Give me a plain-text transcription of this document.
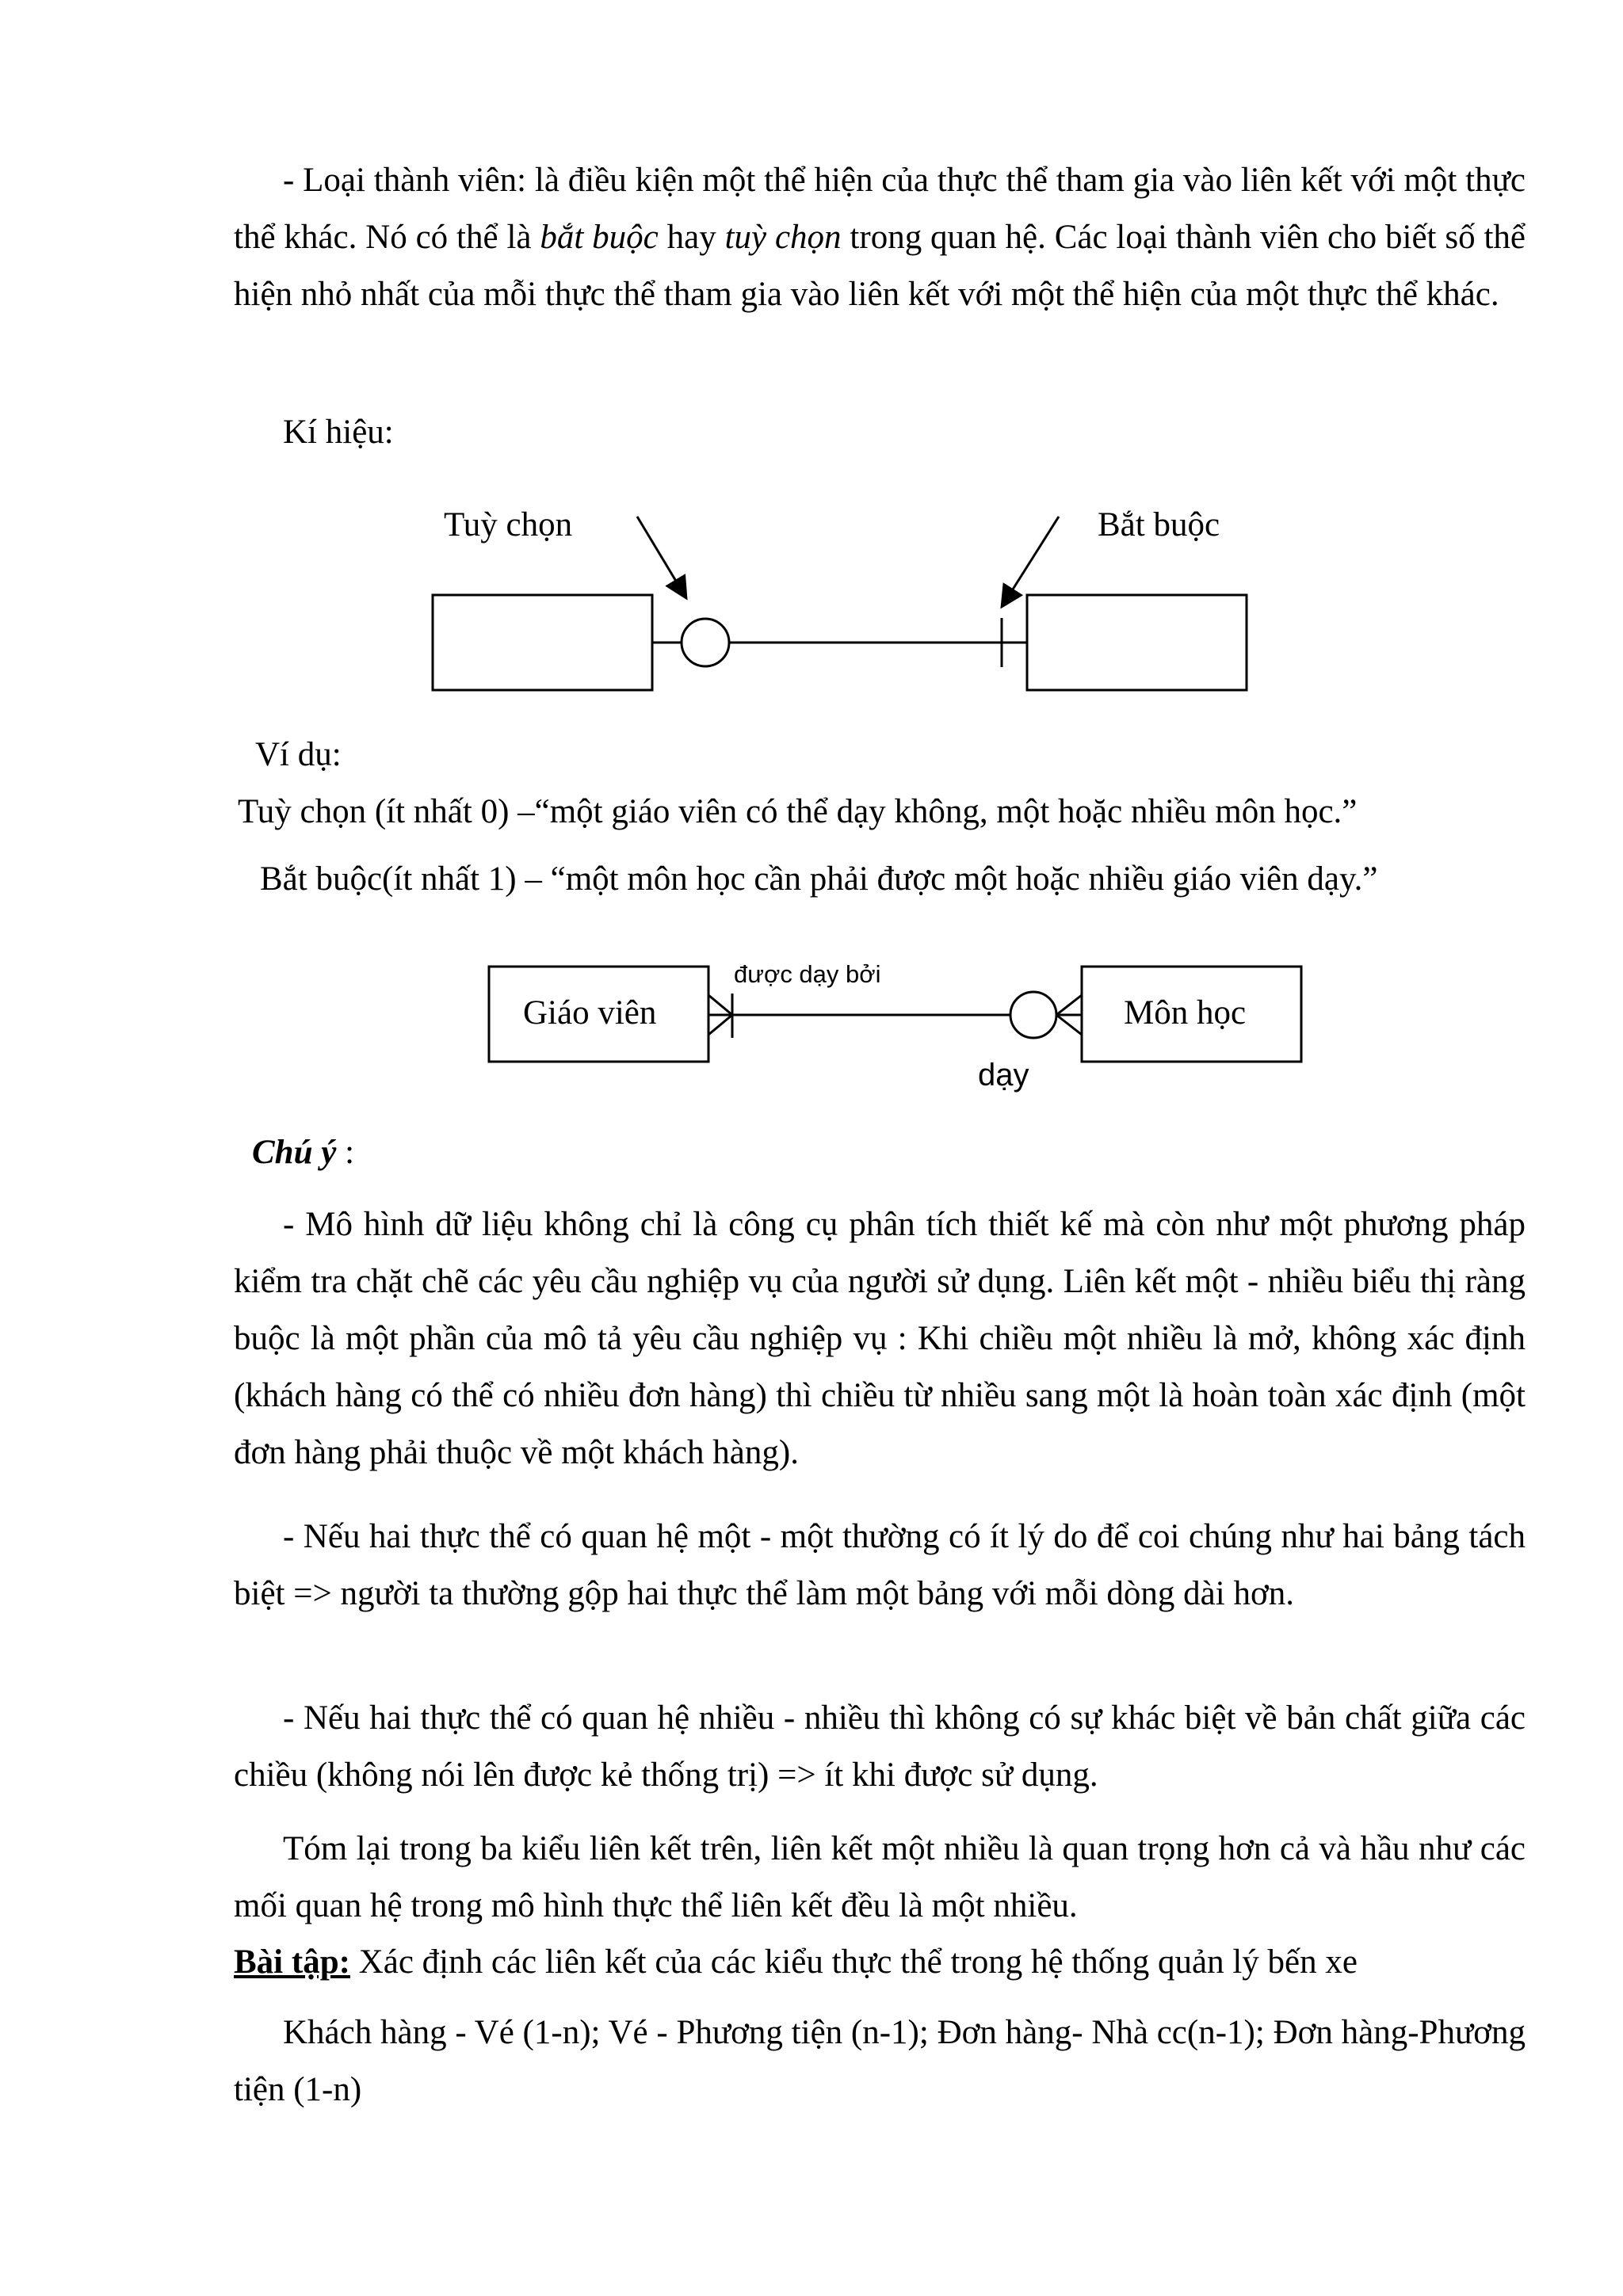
- Loại thành viên: là điều kiện một thể hiện của thực thể tham gia vào liên kết với một thực thể khác. Nó có thể là bắt buộc hay tuỳ chọn trong quan hệ. Các loại thành viên cho biết số thể hiện nhỏ nhất của mỗi thực thể tham gia vào liên kết với một thể hiện của một thực thể khác.

Kí hiệu:

Tuỳ chọn	Bắt buộc

Ví dụ:

Tuỳ chọn (ít nhất 0) –“một giáo viên có thể dạy không, một hoặc nhiều môn học.”

Bắt buộc(ít nhất 1) – “một môn học cần phải được một hoặc nhiều giáo viên dạy.”

Giáo viên	Môn học
được dạy bởi
dạy

Chú ý :

- Mô hình dữ liệu không chỉ là công cụ phân tích thiết kế mà còn như một phương pháp kiểm tra chặt chẽ các yêu cầu nghiệp vụ của người sử dụng. Liên kết một - nhiều biểu thị ràng buộc là một phần của mô tả yêu cầu nghiệp vụ : Khi chiều một nhiều là mở, không xác định (khách hàng có thể có nhiều đơn hàng) thì chiều từ nhiều sang một là hoàn toàn xác định (một đơn hàng phải thuộc về một khách hàng).

- Nếu hai thực thể có quan hệ một - một thường có ít lý do để coi chúng như hai bảng tách biệt => người ta thường gộp hai thực thể làm một bảng với mỗi dòng dài hơn.

- Nếu hai thực thể có quan hệ nhiều - nhiều thì không có sự khác biệt về bản chất giữa các chiều (không nói lên được kẻ thống trị) => ít khi được sử dụng.

Tóm lại trong ba kiểu liên kết trên, liên kết một nhiều là quan trọng hơn cả và hầu như các mối quan hệ trong mô hình thực thể liên kết đều là một nhiều.

Bài tập: Xác định các liên kết của các kiểu thực thể trong hệ thống quản lý bến xe

Khách hàng - Vé (1-n); Vé - Phương tiện (n-1); Đơn hàng- Nhà cc(n-1); Đơn hàng-Phương tiện (1-n)
